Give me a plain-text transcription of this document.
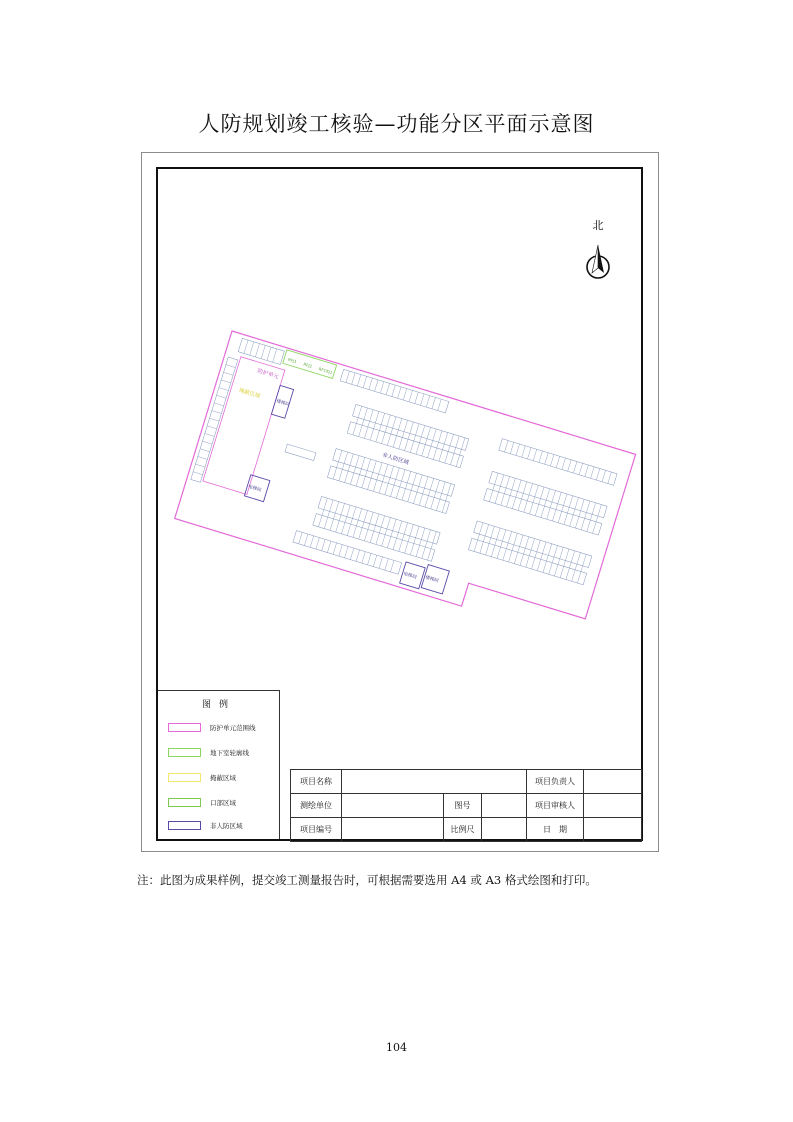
人防规划竣工核验—功能分区平面示意图
北
防护单元
掩蔽区域
楼梯间
电梯间
电梯间 楼梯间
非人防区域
RFJ1
RFJ2
RFCKJ1
图例
防护单元范围线
地下室轮廓线
掩蔽区域
口部区域
非人防区域
项目名称				项目负责人	
测绘单位		图号		项目审核人	
项目编号		比例尺		日　期	
注：此图为成果样例，提交竣工测量报告时，可根据需要选用 A4 或 A3 格式绘图和打印。
104
